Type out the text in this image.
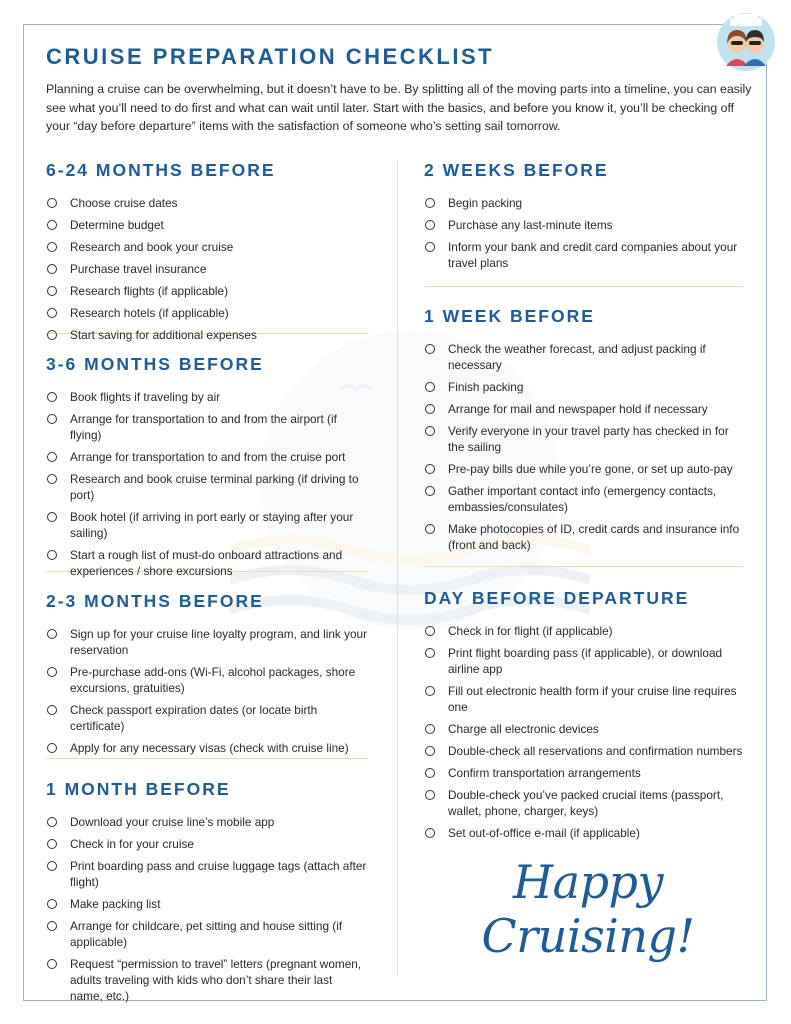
CRUISE PREPARATION CHECKLIST

Planning a cruise can be overwhelming, but it doesn’t have to be. By splitting all of the moving parts into a timeline, you can easily see what you’ll need to do first and what can wait until later. Start with the basics, and before you know it, you’ll be checking off your “day before departure” items with the satisfaction of someone who’s setting sail tomorrow.

6-24 MONTHS BEFORE
Choose cruise dates
Determine budget
Research and book your cruise
Purchase travel insurance
Research flights (if applicable)
Research hotels (if applicable)
Start saving for additional expenses
3-6 MONTHS BEFORE
Book flights if traveling by air
Arrange for transportation to and from the airport (if flying)
Arrange for transportation to and from the cruise port
Research and book cruise terminal parking (if driving to port)
Book hotel (if arriving in port early or staying after your sailing)
Start a rough list of must-do onboard attractions and experiences / shore excursions
2-3 MONTHS BEFORE
Sign up for your cruise line loyalty program, and link your reservation
Pre-purchase add-ons (Wi-Fi, alcohol packages, shore excursions, gratuities)
Check passport expiration dates (or locate birth certificate)
Apply for any necessary visas (check with cruise line)
1 MONTH BEFORE
Download your cruise line’s mobile app
Check in for your cruise
Print boarding pass and cruise luggage tags (attach after flight)
Make packing list
Arrange for childcare, pet sitting and house sitting (if applicable)
Request “permission to travel” letters (pregnant women, adults traveling with kids who don’t share their last name, etc.)
2 WEEKS BEFORE
Begin packing
Purchase any last-minute items
Inform your bank and credit card companies about your travel plans
1 WEEK BEFORE
Check the weather forecast, and adjust packing if necessary
Finish packing
Arrange for mail and newspaper hold if necessary
Verify everyone in your travel party has checked in for the sailing
Pre-pay bills due while you’re gone, or set up auto-pay
Gather important contact info (emergency contacts, embassies/consulates)
Make photocopies of ID, credit cards and insurance info (front and back)
DAY BEFORE DEPARTURE
Check in for flight (if applicable)
Print flight boarding pass (if applicable), or download airline app
Fill out electronic health form if your cruise line requires one
Charge all electronic devices
Double-check all reservations and confirmation numbers
Confirm transportation arrangements
Double-check you’ve packed crucial items (passport, wallet, phone, charger, keys)
Set out-of-office e-mail (if applicable)
Happy Cruising!
